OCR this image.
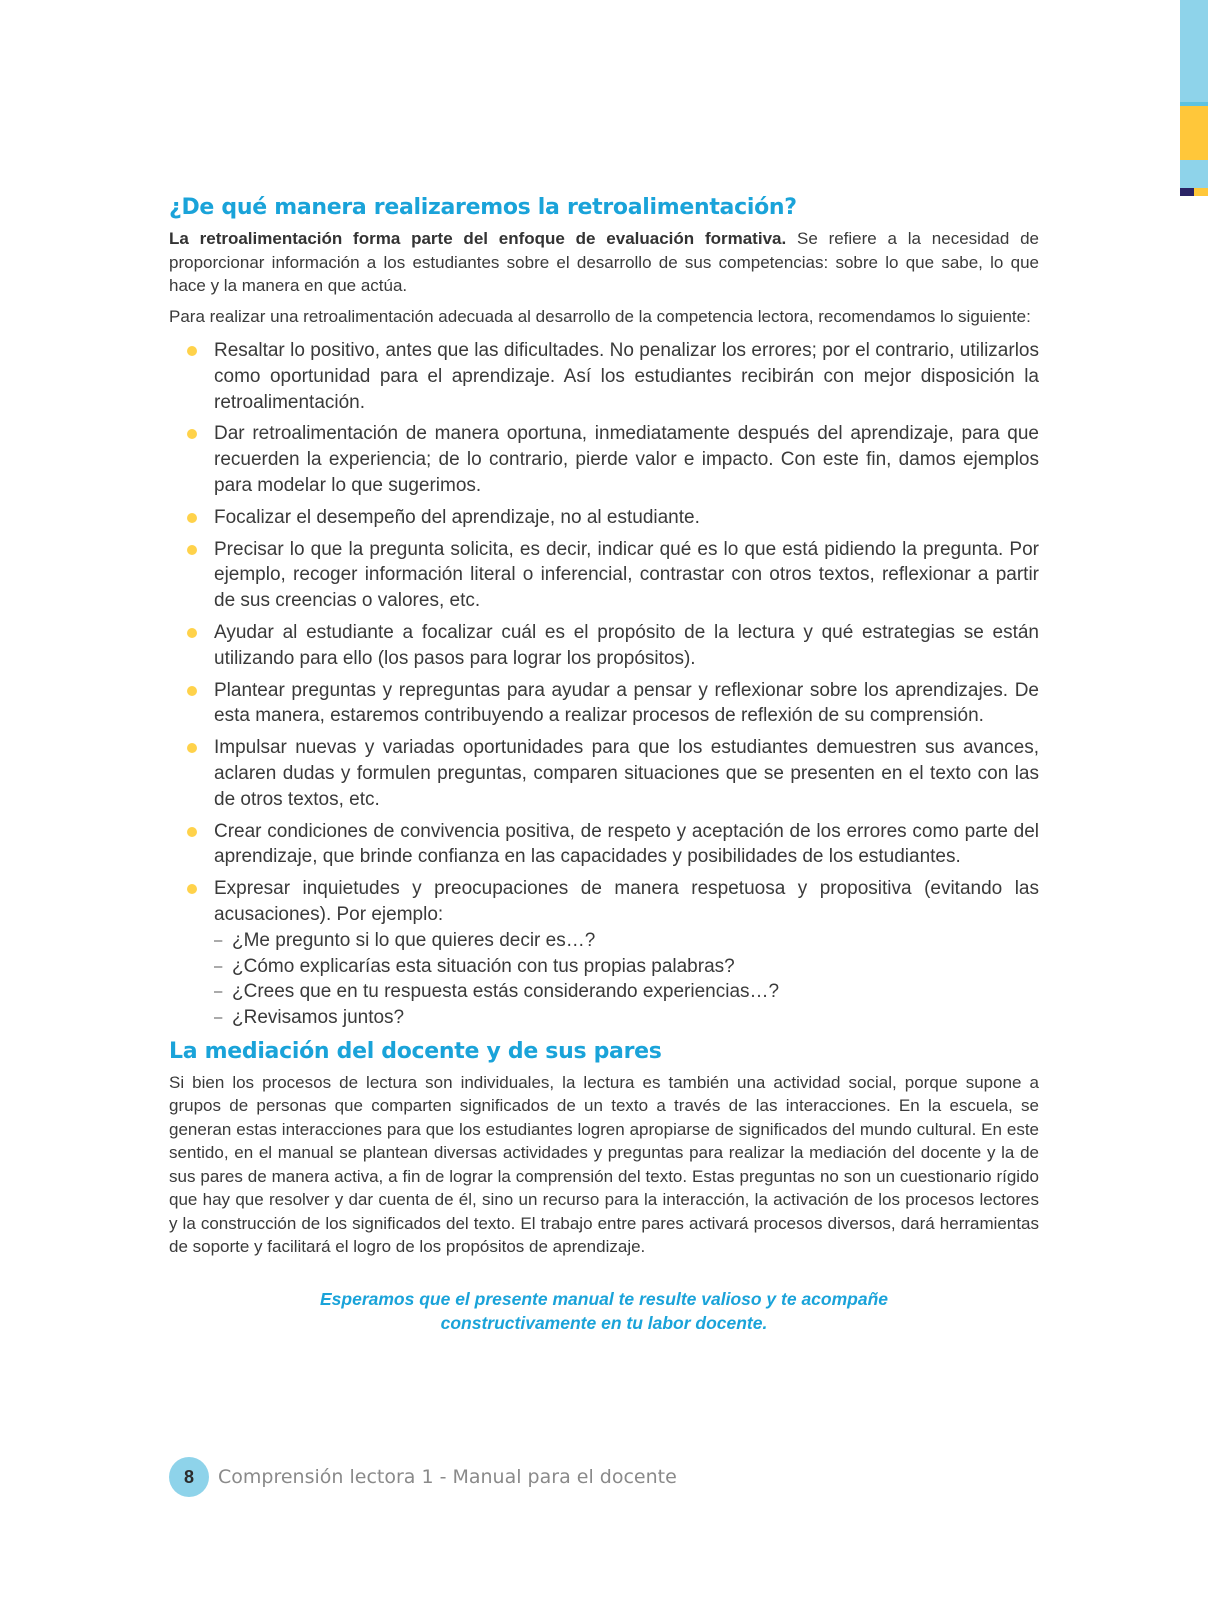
¿De qué manera realizaremos la retroalimentación?

La retroalimentación forma parte del enfoque de evaluación formativa. Se refiere a la necesidad de proporcionar información a los estudiantes sobre el desarrollo de sus competencias: sobre lo que sabe, lo que hace y la manera en que actúa.

Para realizar una retroalimentación adecuada al desarrollo de la competencia lectora, recomendamos lo siguiente:

Resaltar lo positivo, antes que las dificultades. No penalizar los errores; por el contrario, utilizarlos como oportunidad para el aprendizaje. Así los estudiantes recibirán con mejor disposición la retroalimentación.
Dar retroalimentación de manera oportuna, inmediatamente después del aprendizaje, para que recuerden la experiencia; de lo contrario, pierde valor e impacto. Con este fin, damos ejemplos para modelar lo que sugerimos.
Focalizar el desempeño del aprendizaje, no al estudiante.
Precisar lo que la pregunta solicita, es decir, indicar qué es lo que está pidiendo la pregunta. Por ejemplo, recoger información literal o inferencial, contrastar con otros textos, reflexionar a partir de sus creencias o valores, etc.
Ayudar al estudiante a focalizar cuál es el propósito de la lectura y qué estrategias se están utilizando para ello (los pasos para lograr los propósitos).
Plantear preguntas y repreguntas para ayudar a pensar y reflexionar sobre los aprendizajes. De esta manera, estaremos contribuyendo a realizar procesos de reflexión de su comprensión.
Impulsar nuevas y variadas oportunidades para que los estudiantes demuestren sus avances, aclaren dudas y formulen preguntas, comparen situaciones que se presenten en el texto con las de otros textos, etc.
Crear condiciones de convivencia positiva, de respeto y aceptación de los errores como parte del aprendizaje, que brinde confianza en las capacidades y posibilidades de los estudiantes.
Expresar inquietudes y preocupaciones de manera respetuosa y propositiva (evitando las acusaciones). Por ejemplo:
– ¿Me pregunto si lo que quieres decir es…?
– ¿Cómo explicarías esta situación con tus propias palabras?
– ¿Crees que en tu respuesta estás considerando experiencias…?
– ¿Revisamos juntos?
La mediación del docente y de sus pares

Si bien los procesos de lectura son individuales, la lectura es también una actividad social, porque supone a grupos de personas que comparten significados de un texto a través de las interacciones. En la escuela, se generan estas interacciones para que los estudiantes logren apropiarse de significados del mundo cultural. En este sentido, en el manual se plantean diversas actividades y preguntas para realizar la mediación del docente y la de sus pares de manera activa, a fin de lograr la comprensión del texto. Estas preguntas no son un cuestionario rígido que hay que resolver y dar cuenta de él, sino un recurso para la interacción, la activación de los procesos lectores y la construcción de los significados del texto. El trabajo entre pares activará procesos diversos, dará herramientas de soporte y facilitará el logro de los propósitos de aprendizaje.

Esperamos que el presente manual te resulte valioso y te acompañe
constructivamente en tu labor docente.
8	Comprensión lectora 1 - Manual para el docente
